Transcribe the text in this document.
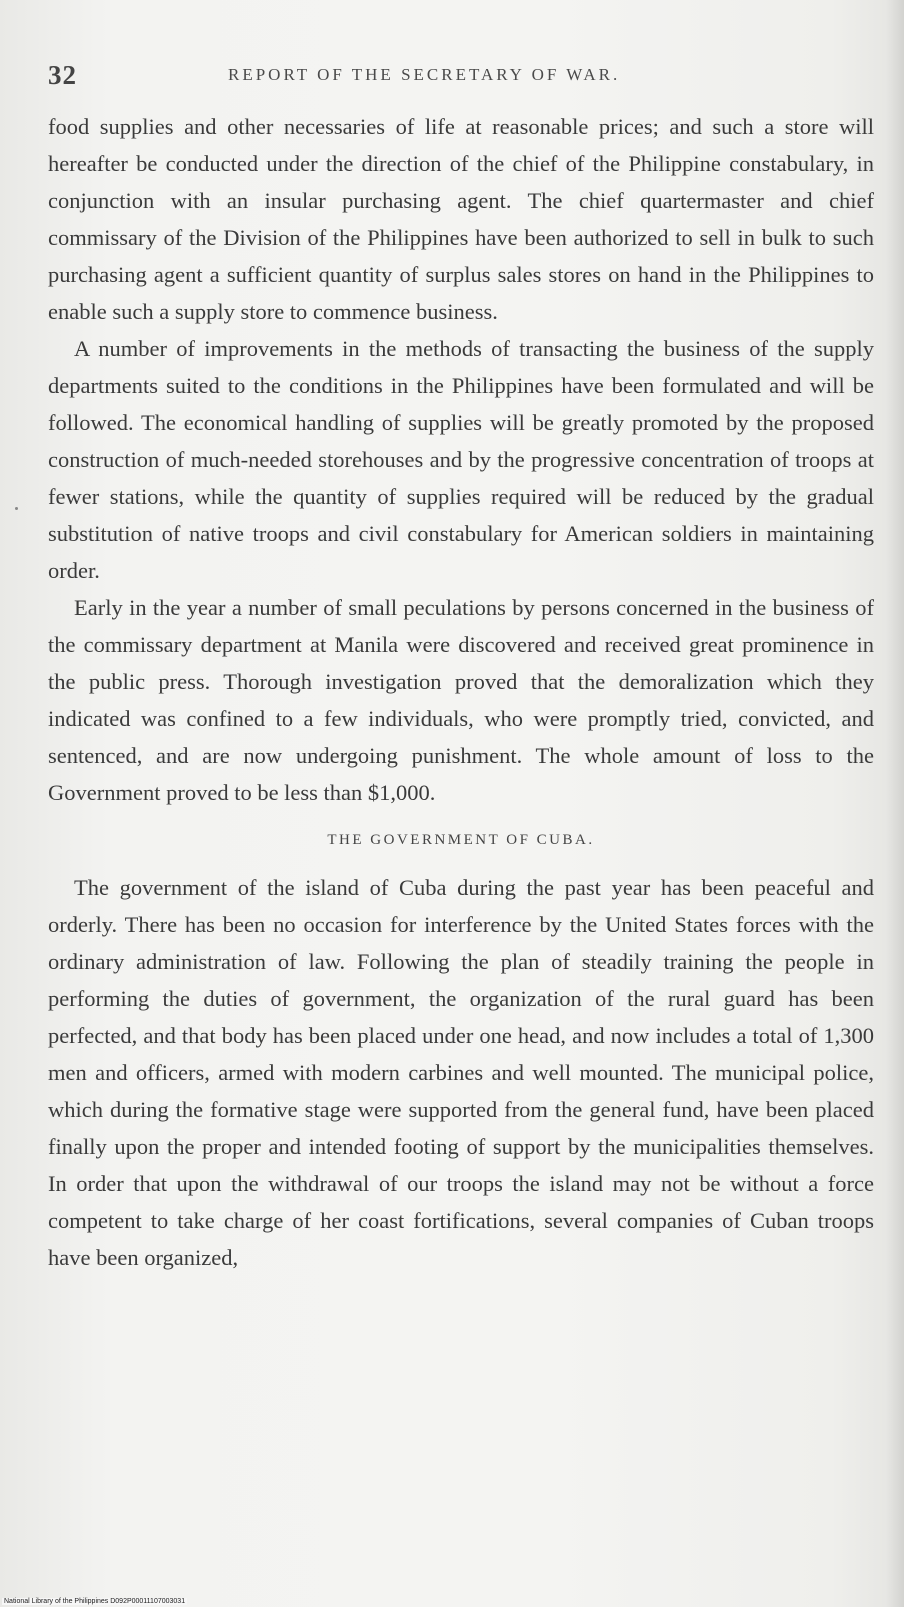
32	REPORT OF THE SECRETARY OF WAR.

food supplies and other necessaries of life at reasonable prices; and such a store will hereafter be conducted under the direction of the chief of the Philippine constabulary, in conjunction with an insular purchasing agent. The chief quartermaster and chief commissary of the Division of the Philippines have been authorized to sell in bulk to such purchasing agent a sufficient quantity of surplus sales stores on hand in the Philippines to enable such a supply store to commence business.

A number of improvements in the methods of transacting the business of the supply departments suited to the conditions in the Philippines have been formulated and will be followed. The economical handling of supplies will be greatly promoted by the proposed construction of much-needed storehouses and by the progressive concentration of troops at fewer stations, while the quantity of supplies required will be reduced by the gradual substitution of native troops and civil constabulary for American soldiers in maintaining order.

Early in the year a number of small peculations by persons concerned in the business of the commissary department at Manila were discovered and received great prominence in the public press. Thorough investigation proved that the demoralization which they indicated was confined to a few individuals, who were promptly tried, convicted, and sentenced, and are now undergoing punishment. The whole amount of loss to the Government proved to be less than $1,000.

THE GOVERNMENT OF CUBA.

The government of the island of Cuba during the past year has been peaceful and orderly. There has been no occasion for interference by the United States forces with the ordinary administration of law. Following the plan of steadily training the people in performing the duties of government, the organization of the rural guard has been perfected, and that body has been placed under one head, and now includes a total of 1,300 men and officers, armed with modern carbines and well mounted. The municipal police, which during the formative stage were supported from the general fund, have been placed finally upon the proper and intended footing of support by the municipalities themselves. In order that upon the withdrawal of our troops the island may not be without a force competent to take charge of her coast fortifications, several companies of Cuban troops have been organized,

National Library of the Philippines D092P00011107003031
